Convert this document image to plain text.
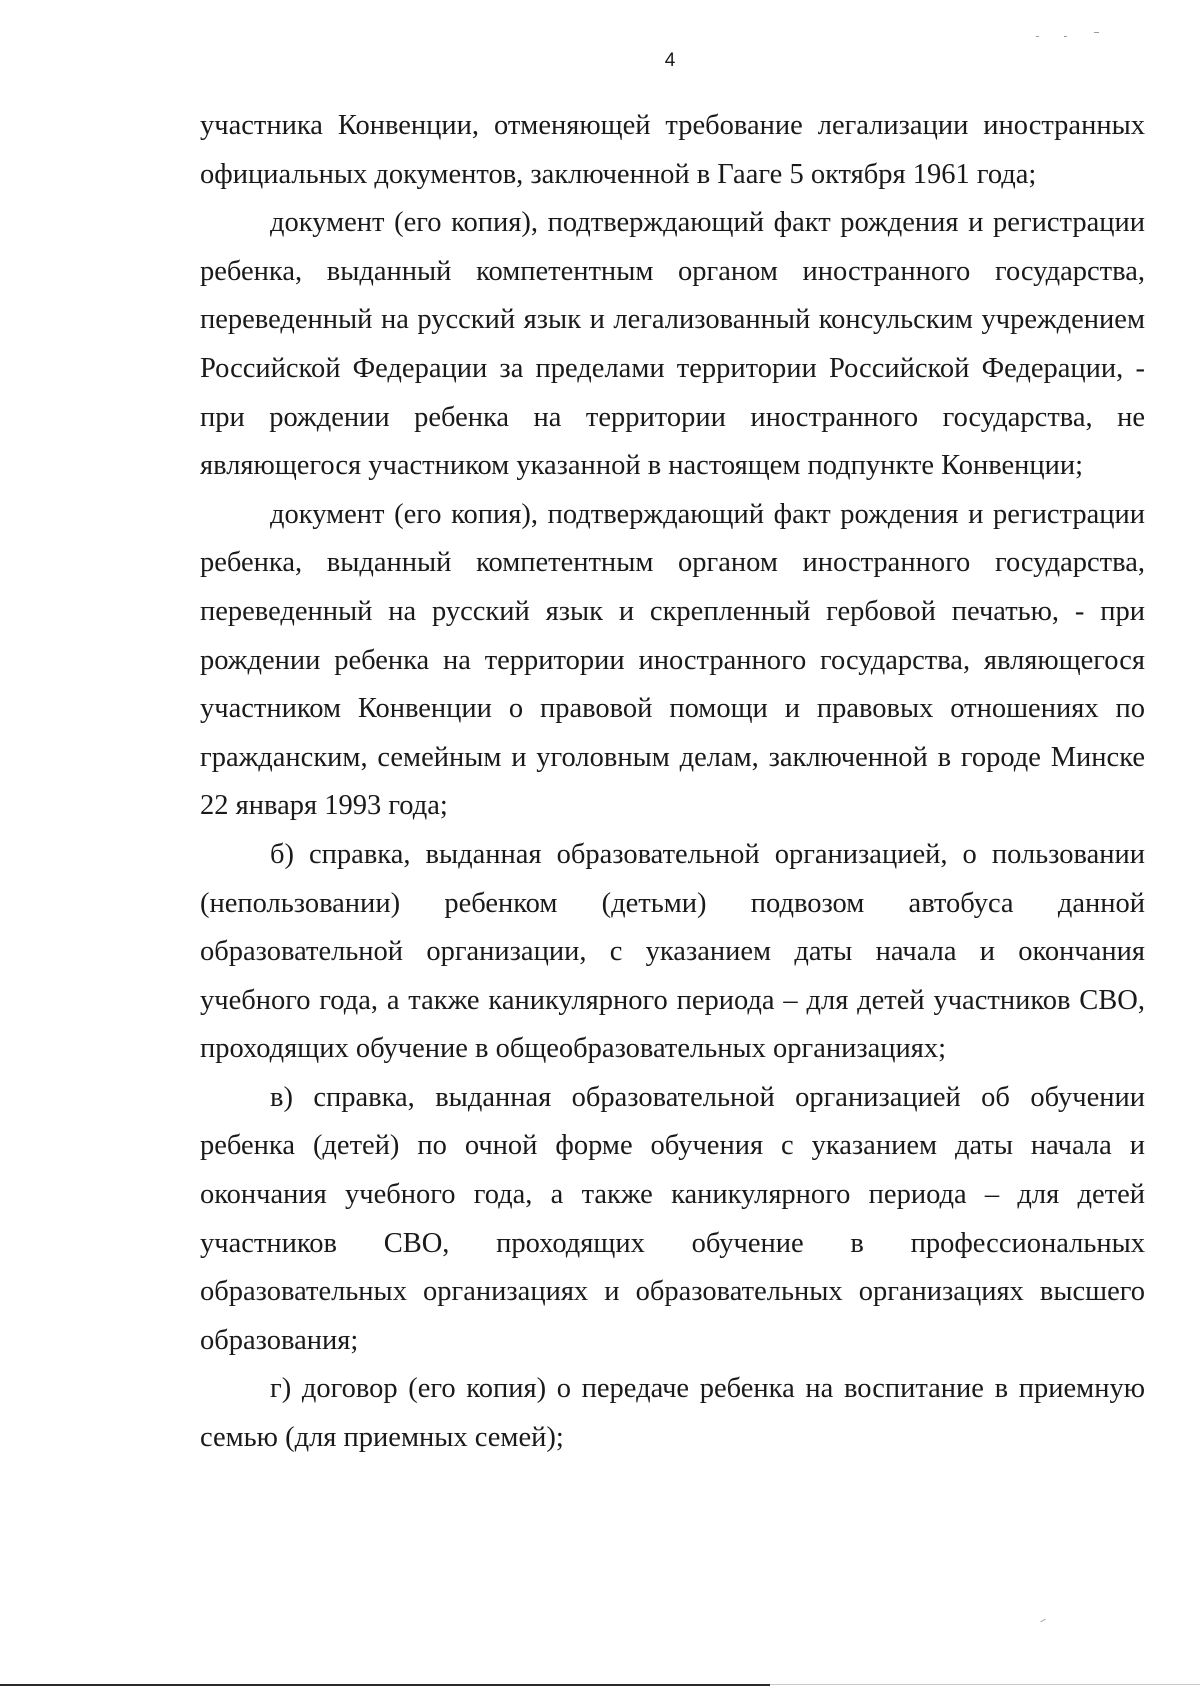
4

участника Конвенции, отменяющей требование легализации иностранных официальных документов, заключенной в Гааге 5 октября 1961 года;

документ (его копия), подтверждающий факт рождения и регистрации ребенка, выданный компетентным органом иностранного государства, переведенный на русский язык и легализованный консульским учреждением Российской Федерации за пределами территории Российской Федерации, - при рождении ребенка на территории иностранного государства, не являющегося участником указанной в настоящем подпункте Конвенции;

документ (его копия), подтверждающий факт рождения и регистрации ребенка, выданный компетентным органом иностранного государства, переведенный на русский язык и скрепленный гербовой печатью, - при рождении ребенка на территории иностранного государства, являющегося участником Конвенции о правовой помощи и правовых отношениях по гражданским, семейным и уголовным делам, заключенной в городе Минске 22 января 1993 года;

б) справка, выданная образовательной организацией, о пользовании (непользовании) ребенком (детьми) подвозом автобуса данной образовательной организации, с указанием даты начала и окончания учебного года, а также каникулярного периода – для детей участников СВО, проходящих обучение в общеобразовательных организациях;

в) справка, выданная образовательной организацией об обучении ребенка (детей) по очной форме обучения с указанием даты начала и окончания учебного года, а также каникулярного периода – для детей участников СВО, проходящих обучение в профессиональных образовательных организациях и образовательных организациях высшего образования;

г) договор (его копия) о передаче ребенка на воспитание в приемную семью (для приемных семей);
